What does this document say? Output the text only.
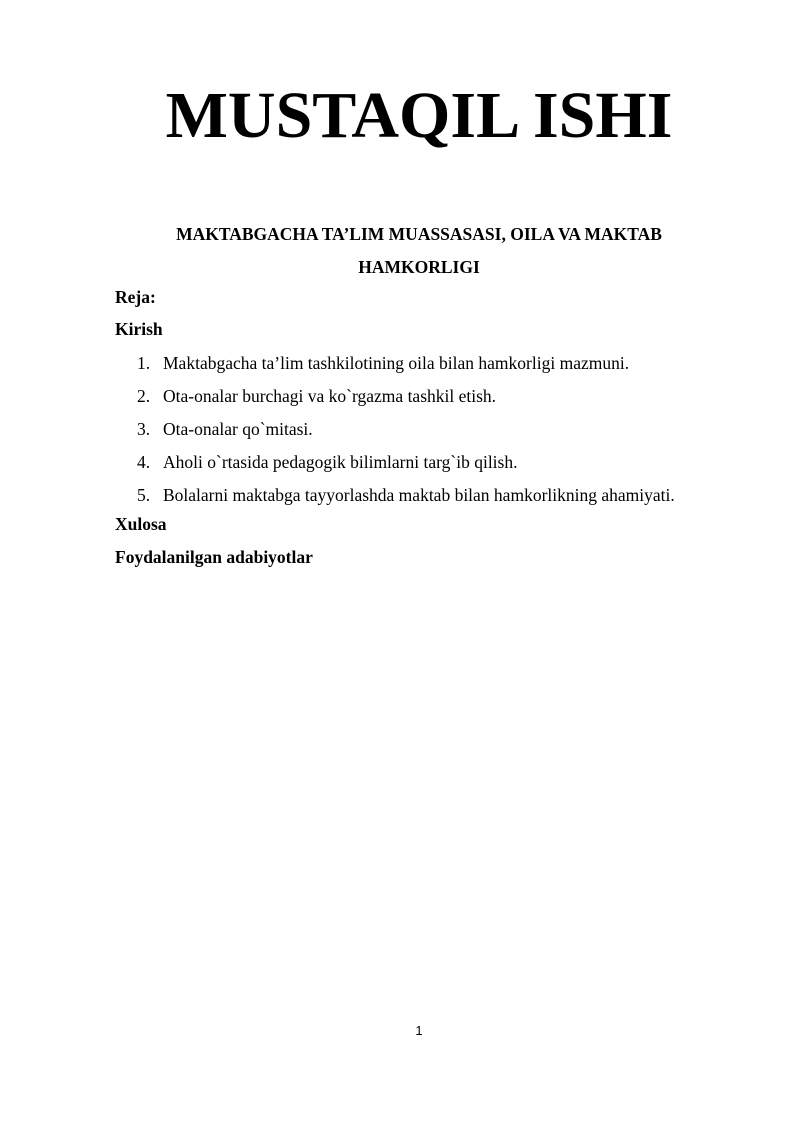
MUSTAQIL ISHI
MAKTABGACHA TA’LIM MUASSASASI, OILA VA MAKTAB
HAMKORLIGI
Reja:
Kirish
1. Maktabgacha ta’lim tashkilotining oila bilan hamkorligi mazmuni.
2. Ota-onalar burchagi va ko`rgazma tashkil etish.
3. Ota-onalar qo`mitasi.
4. Aholi o`rtasida pedagogik bilimlarni targ`ib qilish.
5. Bolalarni maktabga tayyorlashda maktab bilan hamkorlikning ahamiyati.
Xulosa
Foydalanilgan adabiyotlar
1
